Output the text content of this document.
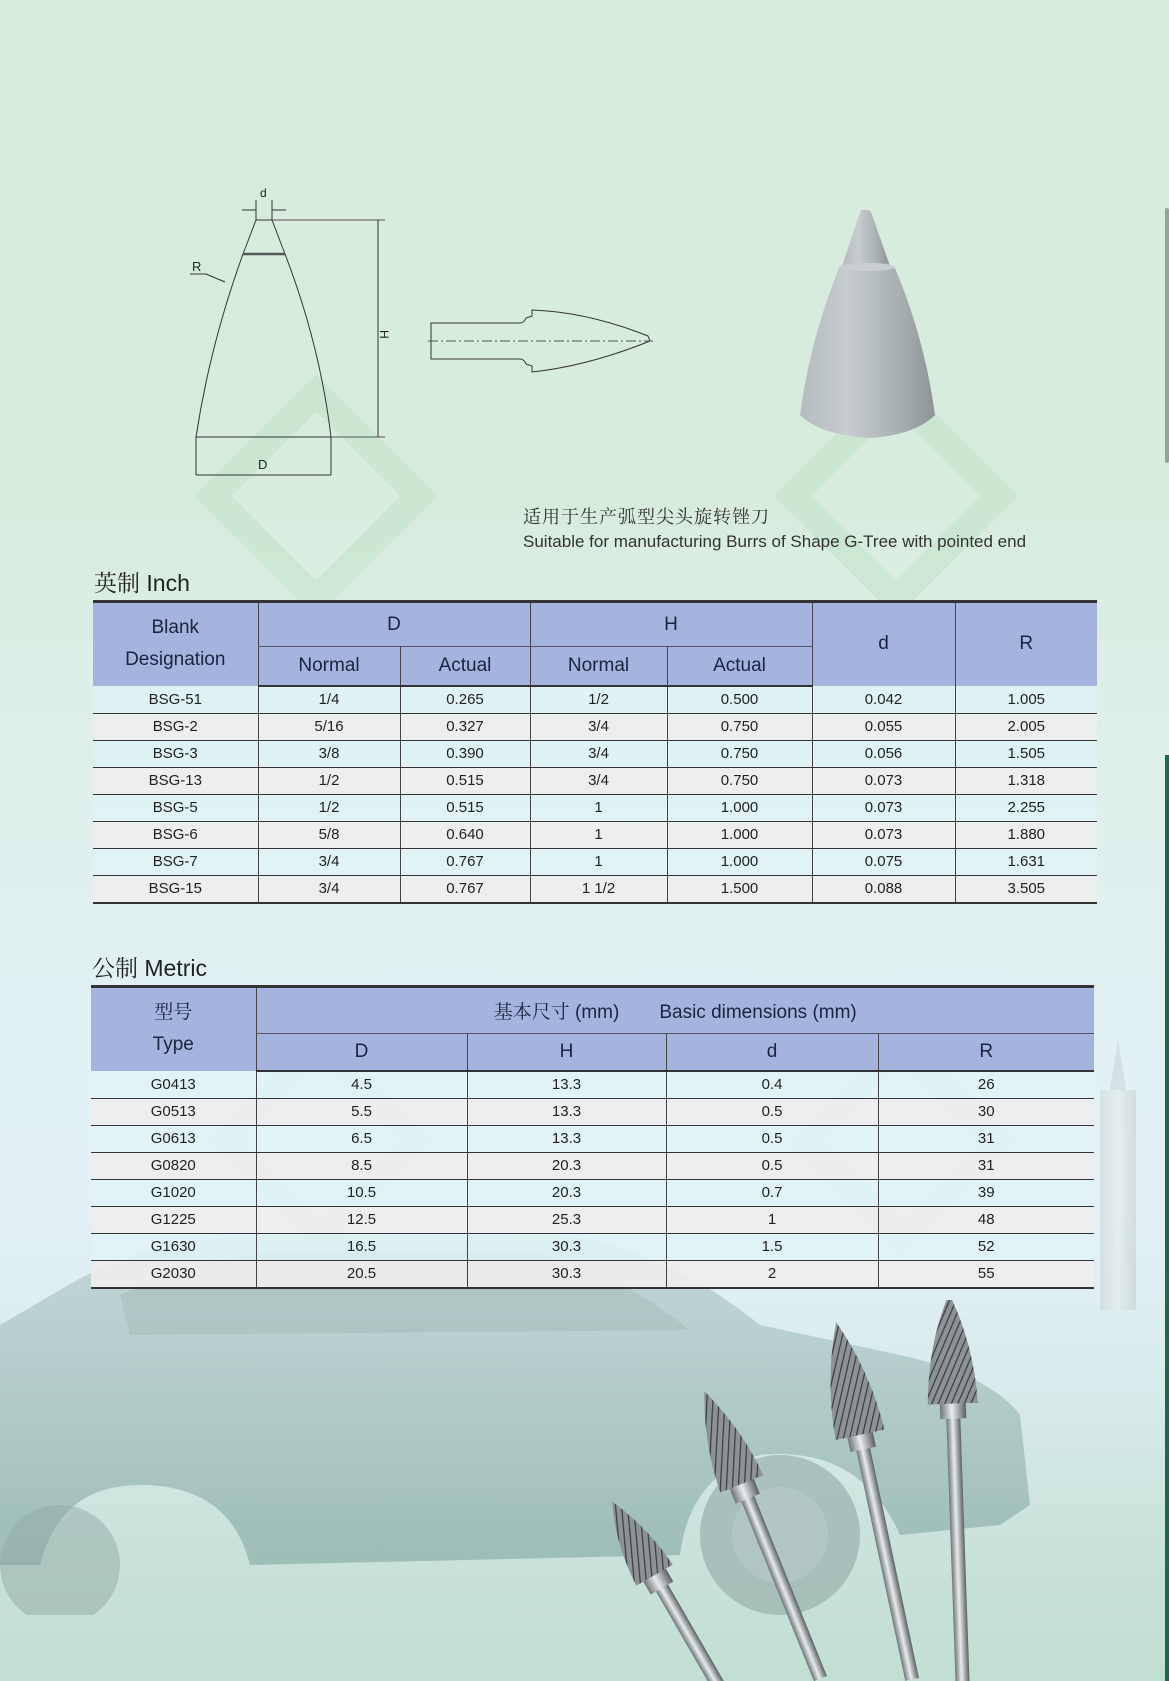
d
R
H
D
适用于生产弧型尖头旋转锉刀
Suitable for manufacturing Burrs of Shape G-Tree with pointed end
英制 Inch
Blank
Designation	D		H		d	R
	Normal	Actual	Normal	Actual		
BSG-51	1/4	0.265	1/2	0.500	0.042	1.005
BSG-2	5/16	0.327	3/4	0.750	0.055	2.005
BSG-3	3/8	0.390	3/4	0.750	0.056	1.505
BSG-13	1/2	0.515	3/4	0.750	0.073	1.318
BSG-5	1/2	0.515	1	1.000	0.073	2.255
BSG-6	5/8	0.640	1	1.000	0.073	1.880
BSG-7	3/4	0.767	1	1.000	0.075	1.631
BSG-15	3/4	0.767	1 1/2	1.500	0.088	3.505
公制 Metric
型号
Type	基本尺寸 (mm) Basic dimensions (mm)			
	D	H	d	R
G0413	4.5	13.3	0.4	26
G0513	5.5	13.3	0.5	30
G0613	6.5	13.3	0.5	31
G0820	8.5	20.3	0.5	31
G1020	10.5	20.3	0.7	39
G1225	12.5	25.3	1	48
G1630	16.5	30.3	1.5	52
G2030	20.5	30.3	2	55
